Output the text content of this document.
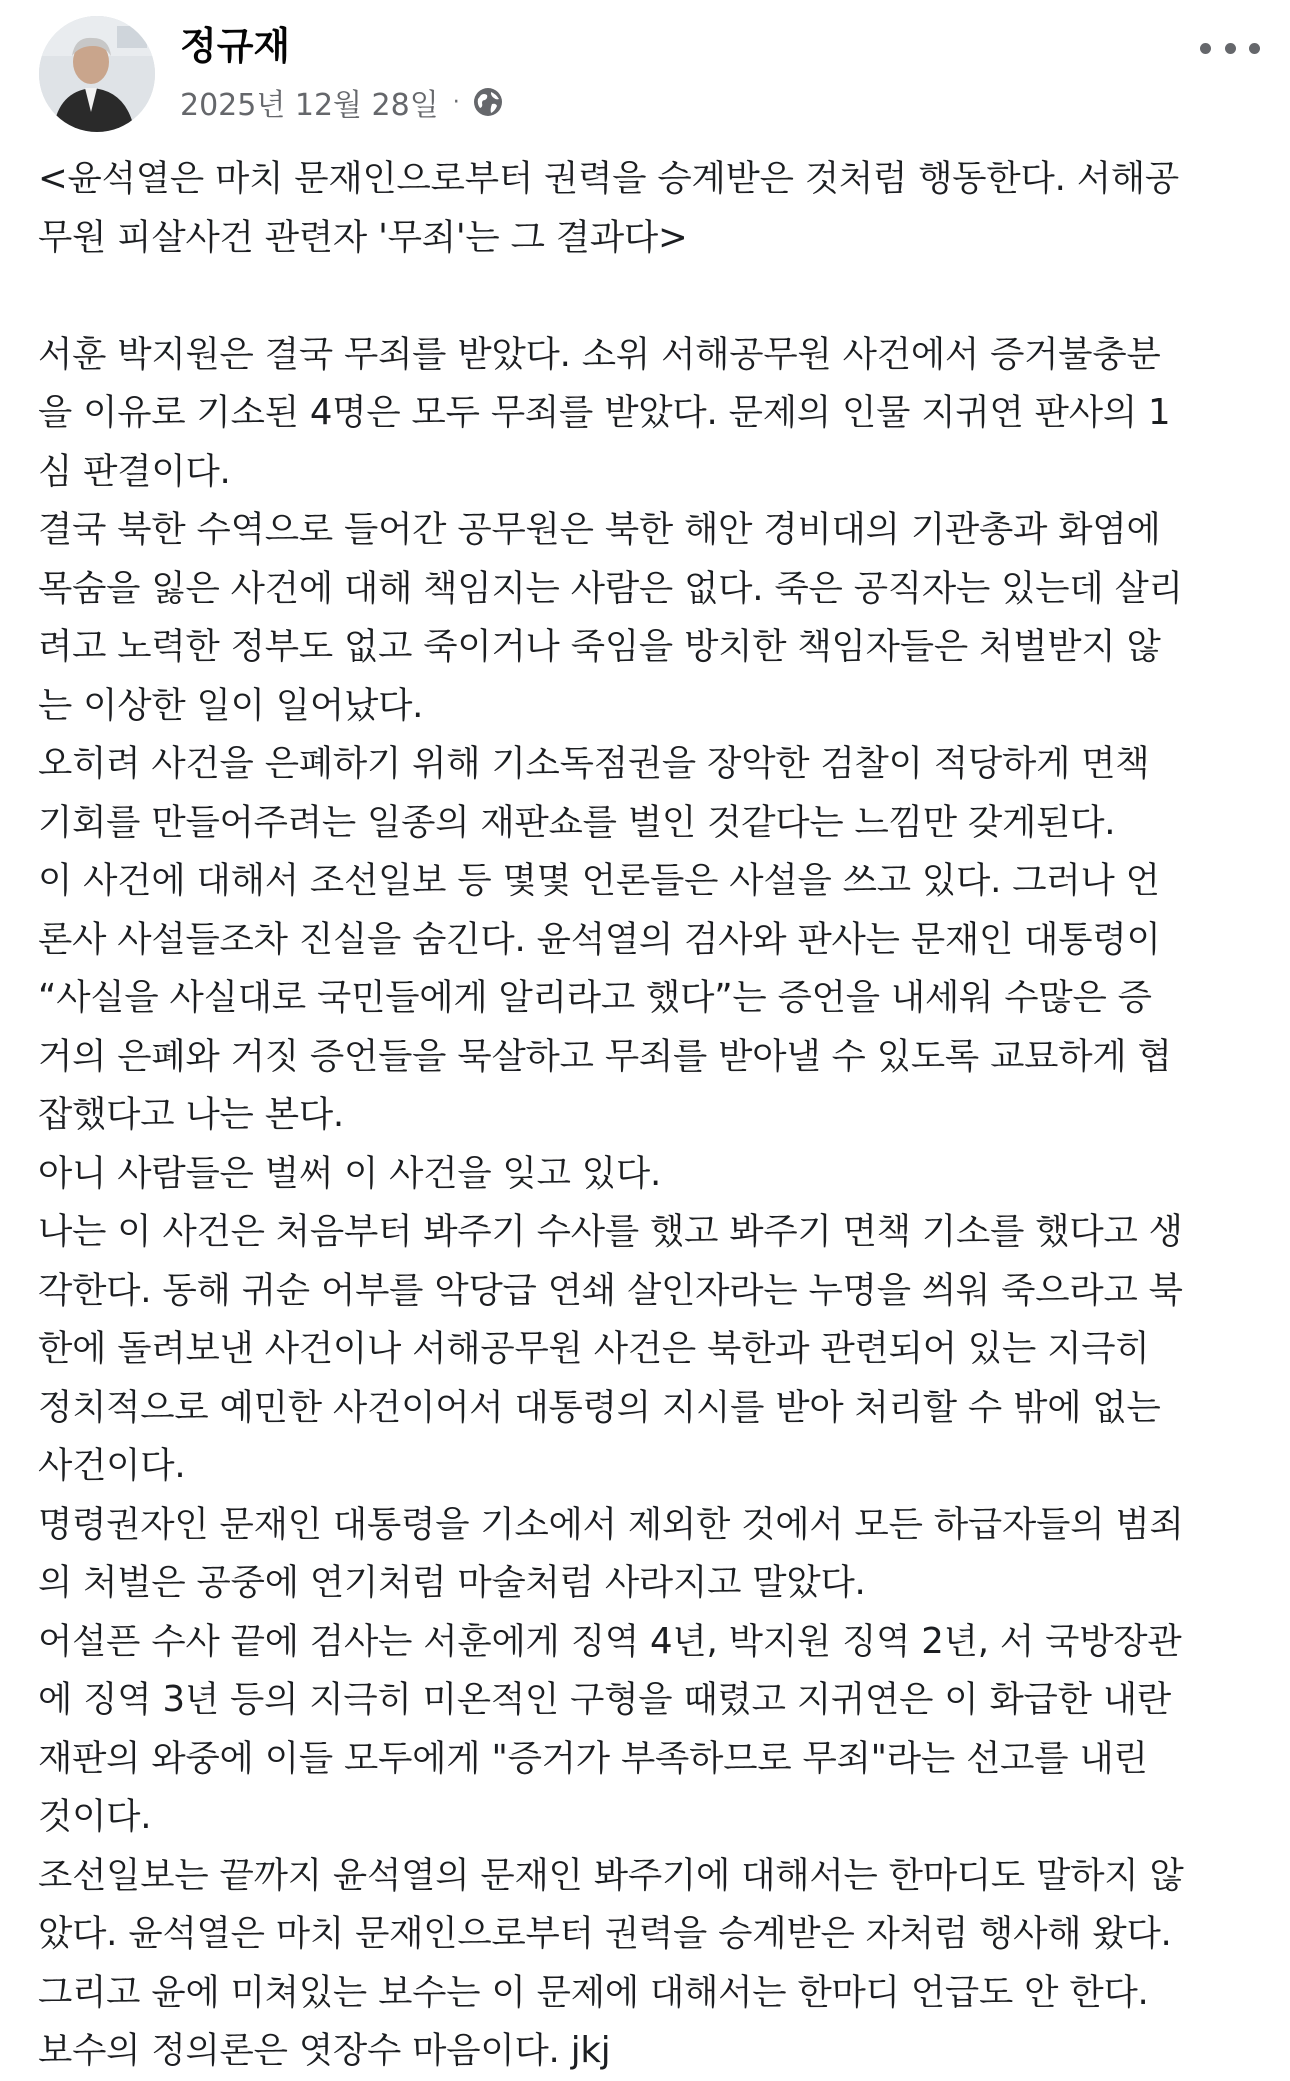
정규재
2025년 12월 28일 ·

<윤석열은 마치 문재인으로부터 권력을 승계받은 것처럼 행동한다. 서해공

무원 피살사건 관련자 '무죄'는 그 결과다>

서훈 박지원은 결국 무죄를 받았다. 소위 서해공무원 사건에서 증거불충분

을 이유로 기소된 4명은 모두 무죄를 받았다. 문제의 인물 지귀연 판사의 1

심 판결이다.

결국 북한 수역으로 들어간 공무원은 북한 해안 경비대의 기관총과 화염에

목숨을 잃은 사건에 대해 책임지는 사람은 없다. 죽은 공직자는 있는데 살리

려고 노력한 정부도 없고 죽이거나 죽임을 방치한 책임자들은 처벌받지 않

는 이상한 일이 일어났다.

오히려 사건을 은폐하기 위해 기소독점권을 장악한 검찰이 적당하게 면책

기회를 만들어주려는 일종의 재판쇼를 벌인 것같다는 느낌만 갖게된다.

이 사건에 대해서 조선일보 등 몇몇 언론들은 사설을 쓰고 있다. 그러나 언

론사 사설들조차 진실을 숨긴다. 윤석열의 검사와 판사는 문재인 대통령이

“사실을 사실대로 국민들에게 알리라고 했다”는 증언을 내세워 수많은 증

거의 은폐와 거짓 증언들을 묵살하고 무죄를 받아낼 수 있도록 교묘하게 협

잡했다고 나는 본다.

아니 사람들은 벌써 이 사건을 잊고 있다.

나는 이 사건은 처음부터 봐주기 수사를 했고 봐주기 면책 기소를 했다고 생

각한다. 동해 귀순 어부를 악당급 연쇄 살인자라는 누명을 씌워 죽으라고 북

한에 돌려보낸 사건이나 서해공무원 사건은 북한과 관련되어 있는 지극히

정치적으로 예민한 사건이어서 대통령의 지시를 받아 처리할 수 밖에 없는

사건이다.

명령권자인 문재인 대통령을 기소에서 제외한 것에서 모든 하급자들의 범죄

의 처벌은 공중에 연기처럼 마술처럼 사라지고 말았다.

어설픈 수사 끝에 검사는 서훈에게 징역 4년, 박지원 징역 2년, 서 국방장관

에 징역 3년 등의 지극히 미온적인 구형을 때렸고 지귀연은 이 화급한 내란

재판의 와중에 이들 모두에게 "증거가 부족하므로 무죄"라는 선고를 내린

것이다.

조선일보는 끝까지 윤석열의 문재인 봐주기에 대해서는 한마디도 말하지 않

았다. 윤석열은 마치 문재인으로부터 권력을 승계받은 자처럼 행사해 왔다.

그리고 윤에 미쳐있는 보수는 이 문제에 대해서는 한마디 언급도 안 한다.

보수의 정의론은 엿장수 마음이다. jkj
